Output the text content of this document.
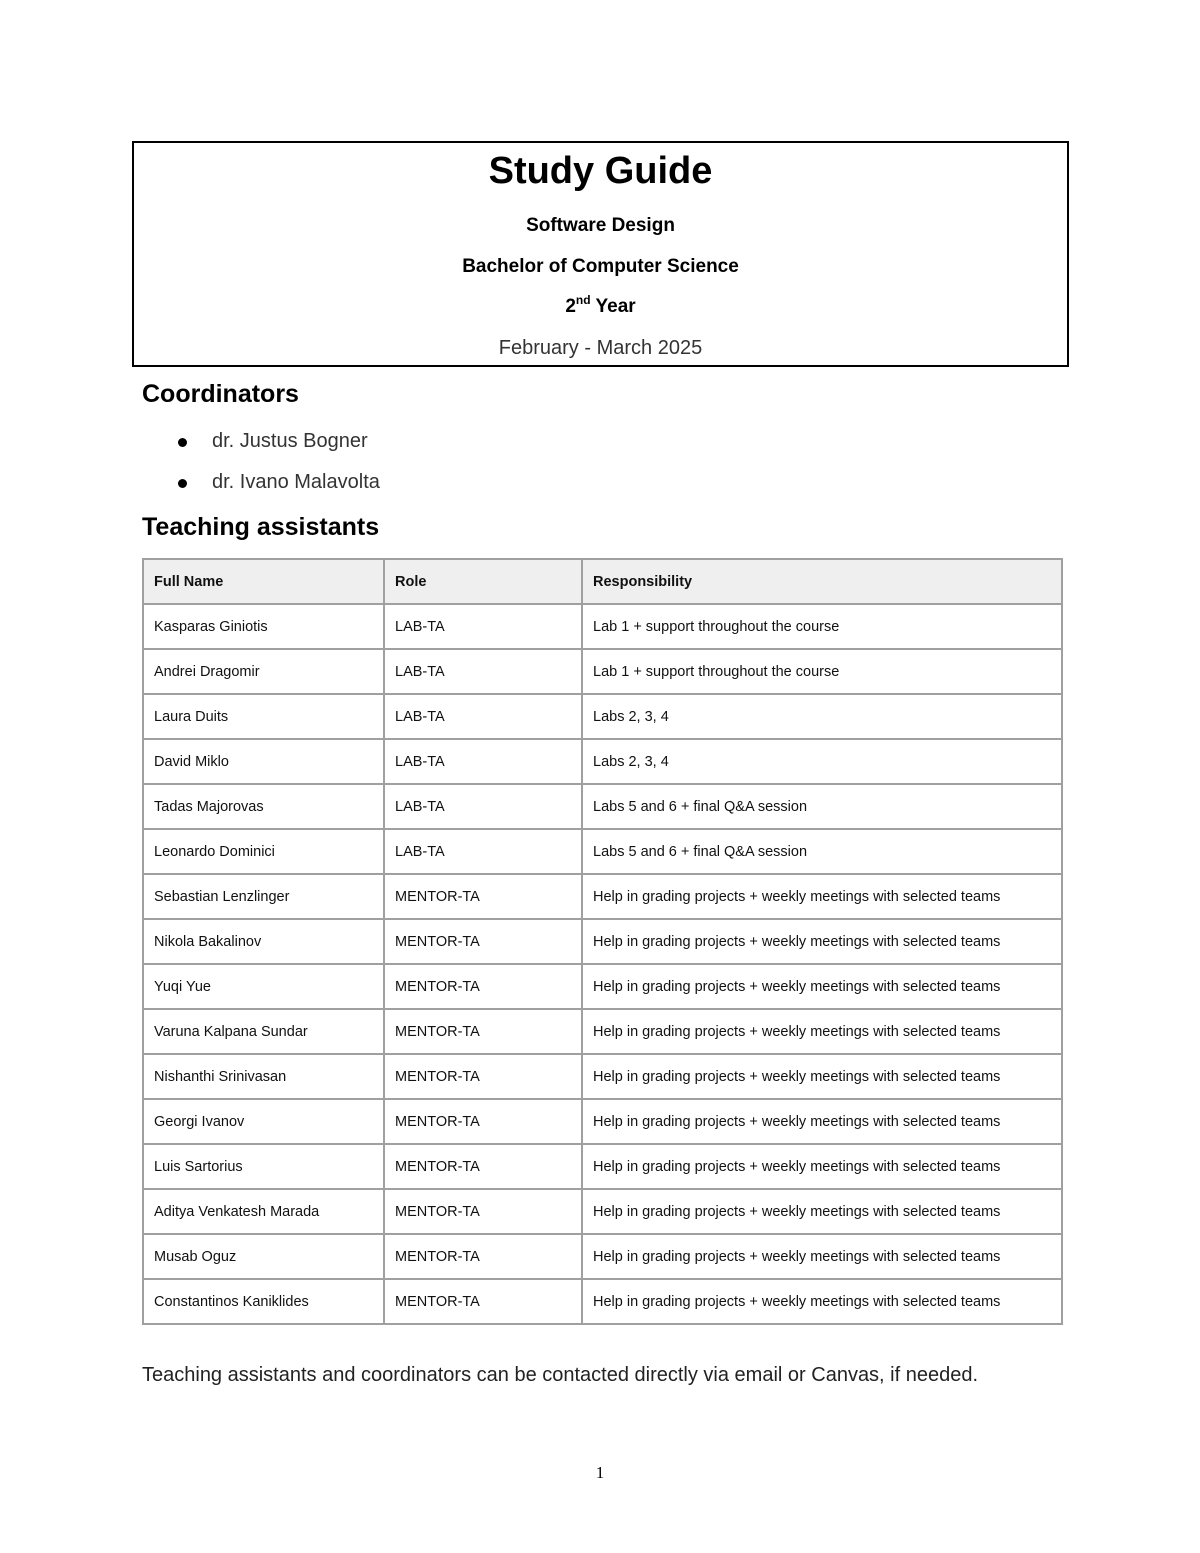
Study Guide
Software Design
Bachelor of Computer Science
2nd Year
February - March 2025
Coordinators
dr. Justus Bogner
dr. Ivano Malavolta
Teaching assistants
Full Name	Role	Responsibility
Kasparas Giniotis	LAB-TA	Lab 1 + support throughout the course
Andrei Dragomir	LAB-TA	Lab 1 + support throughout the course
Laura Duits	LAB-TA	Labs 2, 3, 4
David Miklo	LAB-TA	Labs 2, 3, 4
Tadas Majorovas	LAB-TA	Labs 5 and 6 + final Q&A session
Leonardo Dominici	LAB-TA	Labs 5 and 6 + final Q&A session
Sebastian Lenzlinger	MENTOR-TA	Help in grading projects + weekly meetings with selected teams
Nikola Bakalinov	MENTOR-TA	Help in grading projects + weekly meetings with selected teams
Yuqi Yue	MENTOR-TA	Help in grading projects + weekly meetings with selected teams
Varuna Kalpana Sundar	MENTOR-TA	Help in grading projects + weekly meetings with selected teams
Nishanthi Srinivasan	MENTOR-TA	Help in grading projects + weekly meetings with selected teams
Georgi Ivanov	MENTOR-TA	Help in grading projects + weekly meetings with selected teams
Luis Sartorius	MENTOR-TA	Help in grading projects + weekly meetings with selected teams
Aditya Venkatesh Marada	MENTOR-TA	Help in grading projects + weekly meetings with selected teams
Musab Oguz	MENTOR-TA	Help in grading projects + weekly meetings with selected teams
Constantinos Kaniklides	MENTOR-TA	Help in grading projects + weekly meetings with selected teams
Teaching assistants and coordinators can be contacted directly via email or Canvas, if needed.
1
